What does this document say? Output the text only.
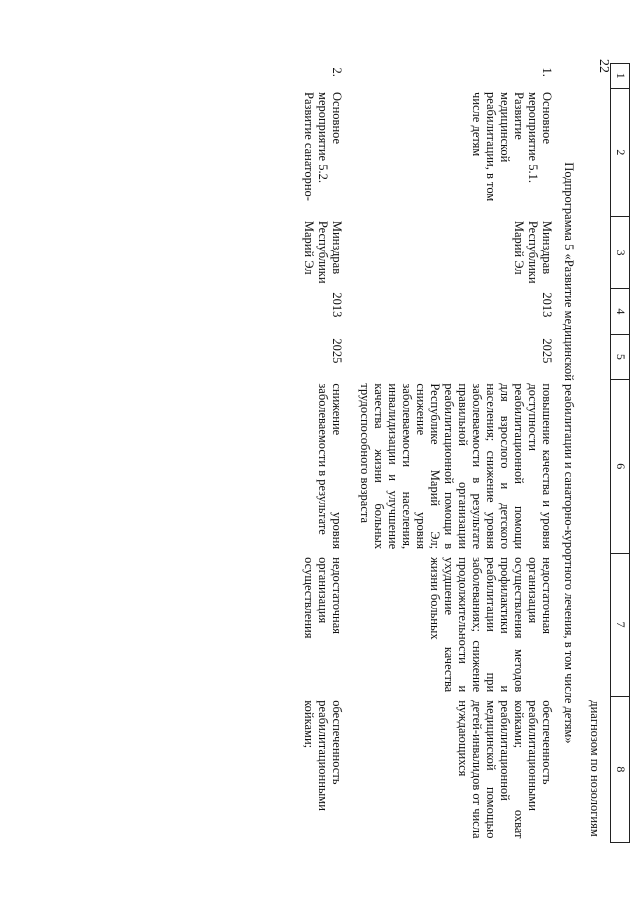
22
1	2	3	4	5	6	7	8
							диагнозом по нозологиям
Подпрограмма 5 «Развитие медицинской реабилитации и санаторно-курортного лечения, в том числе детям»							
1.	Основное мероприятие 5.1. Развитие медицинской реабилитации, в том числе детям	Минздрав Республики Марий Эл	2013	2025	повышение качества и уровня доступности реабилитационной помощи для взрослого и детского населения; снижение уровня заболеваемости в результате правильной организации реабилитационной помощи в Республике Марий Эл; снижение уровня заболеваемости населения, инвалидизации и улучшение качества жизни больных трудоспособного возраста	недостаточная организация осуществления методов профилактики и реабилитации при заболеваниях; снижение продолжительности и ухудшение качества жизни больных	обеспеченность реабилитационными койками; охват реабилитационной медицинской помощью детей-инвалидов от числа нуждающихся
2.	Основное мероприятие 5.2. Развитие санаторно-	Минздрав Республики Марий Эл	2013	2025	снижение уровня заболеваемости в результате	недостаточная организация осуществления	обеспеченность реабилитационными койками;
